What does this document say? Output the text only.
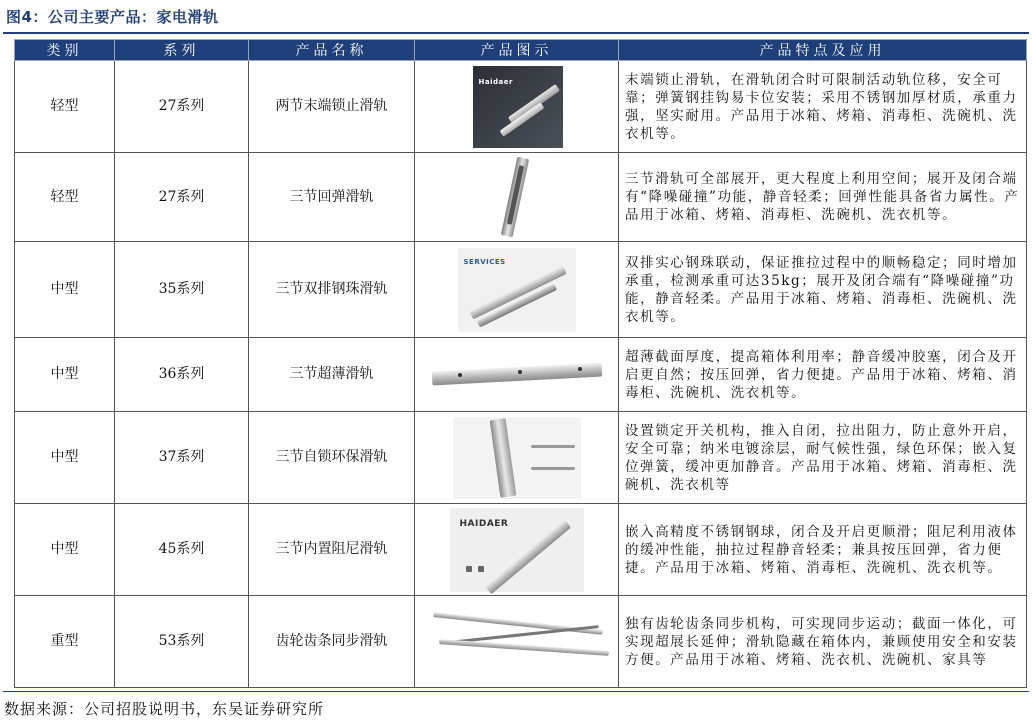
图4：公司主要产品：家电滑轨
类别	系列	产品名称	产品图示	产品特点及应用
轻型	27系列	两节末端锁止滑轨	Haidaer	末端锁止滑轨，在滑轨闭合时可限制活动轨位移，安全可靠；弹簧钢挂钩易卡位安装；采用不锈钢加厚材质，承重力强，坚实耐用。产品用于冰箱、烤箱、消毒柜、洗碗机、洗衣机等。
轻型	27系列	三节回弹滑轨		三节滑轨可全部展开，更大程度上利用空间；展开及闭合端有“降噪碰撞”功能，静音轻柔；回弹性能具备省力属性。产品用于冰箱、烤箱、消毒柜、洗碗机、洗衣机等。
中型	35系列	三节双排钢珠滑轨	SERVICES	双排实心钢珠联动，保证推拉过程中的顺畅稳定；同时增加承重，检测承重可达35kg；展开及闭合端有“降噪碰撞”功能，静音轻柔。产品用于冰箱、烤箱、消毒柜、洗碗机、洗衣机等。
中型	36系列	三节超薄滑轨		超薄截面厚度，提高箱体利用率；静音缓冲胶塞，闭合及开启更自然；按压回弹，省力便捷。产品用于冰箱、烤箱、消毒柜、洗碗机、洗衣机等。
中型	37系列	三节自锁环保滑轨		设置锁定开关机构，推入自闭，拉出阻力，防止意外开启，安全可靠；纳米电镀涂层，耐气候性强，绿色环保；嵌入复位弹簧，缓冲更加静音。产品用于冰箱、烤箱、消毒柜、洗碗机、洗衣机等
中型	45系列	三节内置阻尼滑轨	HAIDAER	嵌入高精度不锈钢钢球，闭合及开启更顺滑；阻尼利用液体的缓冲性能，抽拉过程静音轻柔；兼具按压回弹，省力便捷。产品用于冰箱、烤箱、消毒柜、洗碗机、洗衣机等。
重型	53系列	齿轮齿条同步滑轨		独有齿轮齿条同步机构，可实现同步运动；截面一体化，可实现超展长延伸；滑轨隐藏在箱体内，兼顾使用安全和安装方便。产品用于冰箱、烤箱、洗衣机、洗碗机、家具等
数据来源：公司招股说明书，东吴证券研究所
